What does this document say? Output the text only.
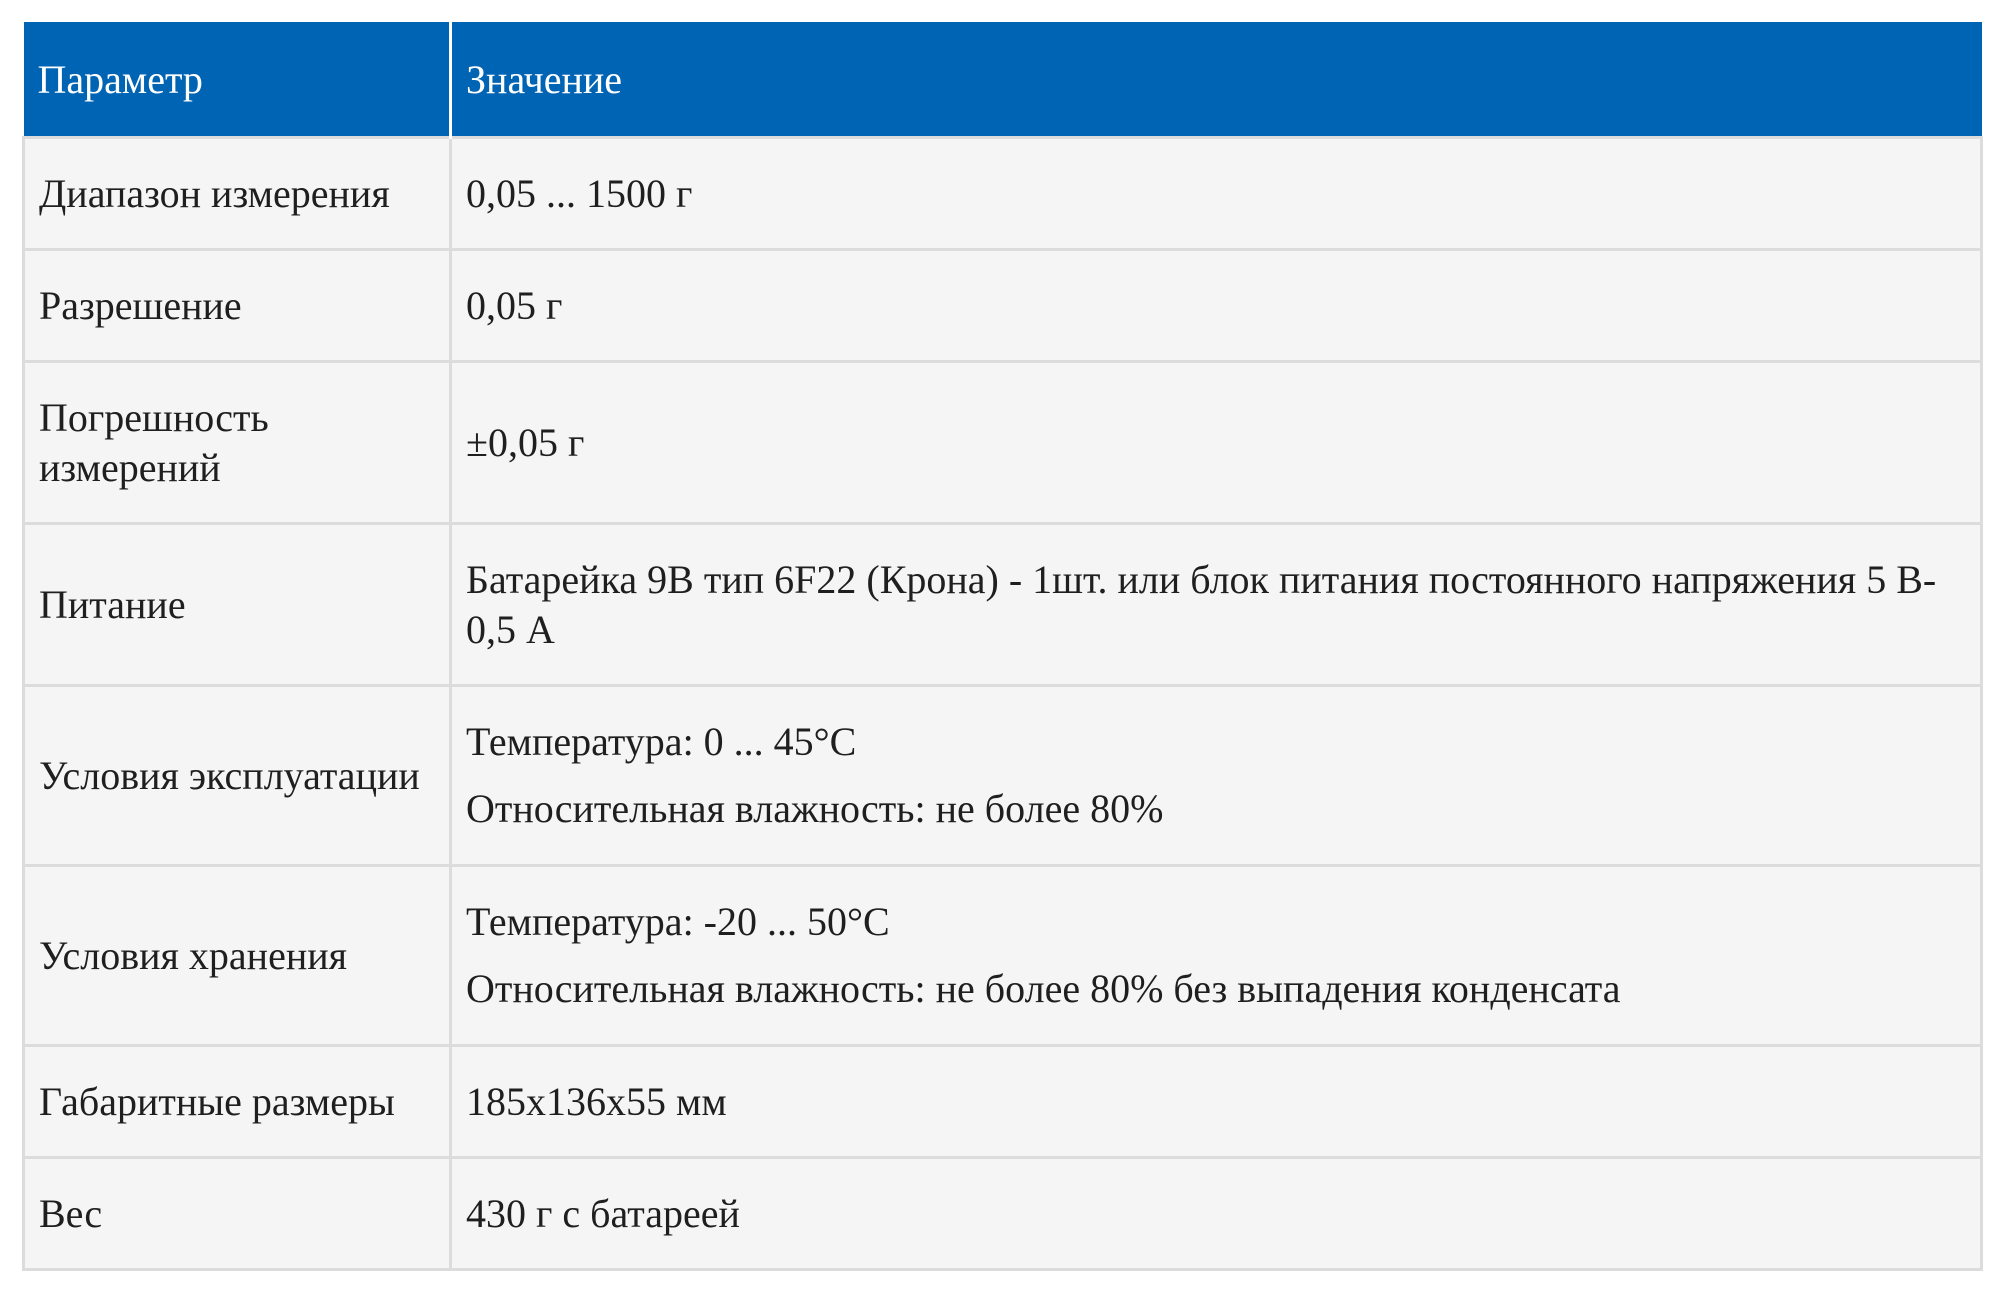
Параметр	Значение
Диапазон измерения	0,05 ... 1500 г

Разрешение	0,05 г

Погрешность измерений	±0,05 г

Питание	Батарейка 9В тип 6F22 (Крона) - 1шт. или блок питания постоянного напряжения 5 В- 0,5 А

Условия эксплуатации	Температура: 0 ... 45°С
Относительная влажность: не более 80%

Условия хранения	Температура: -20 ... 50°С
Относительная влажность: не более 80% без выпадения конденсата

Габаритные размеры	185x136x55 мм

Вес	430 г с батареей
